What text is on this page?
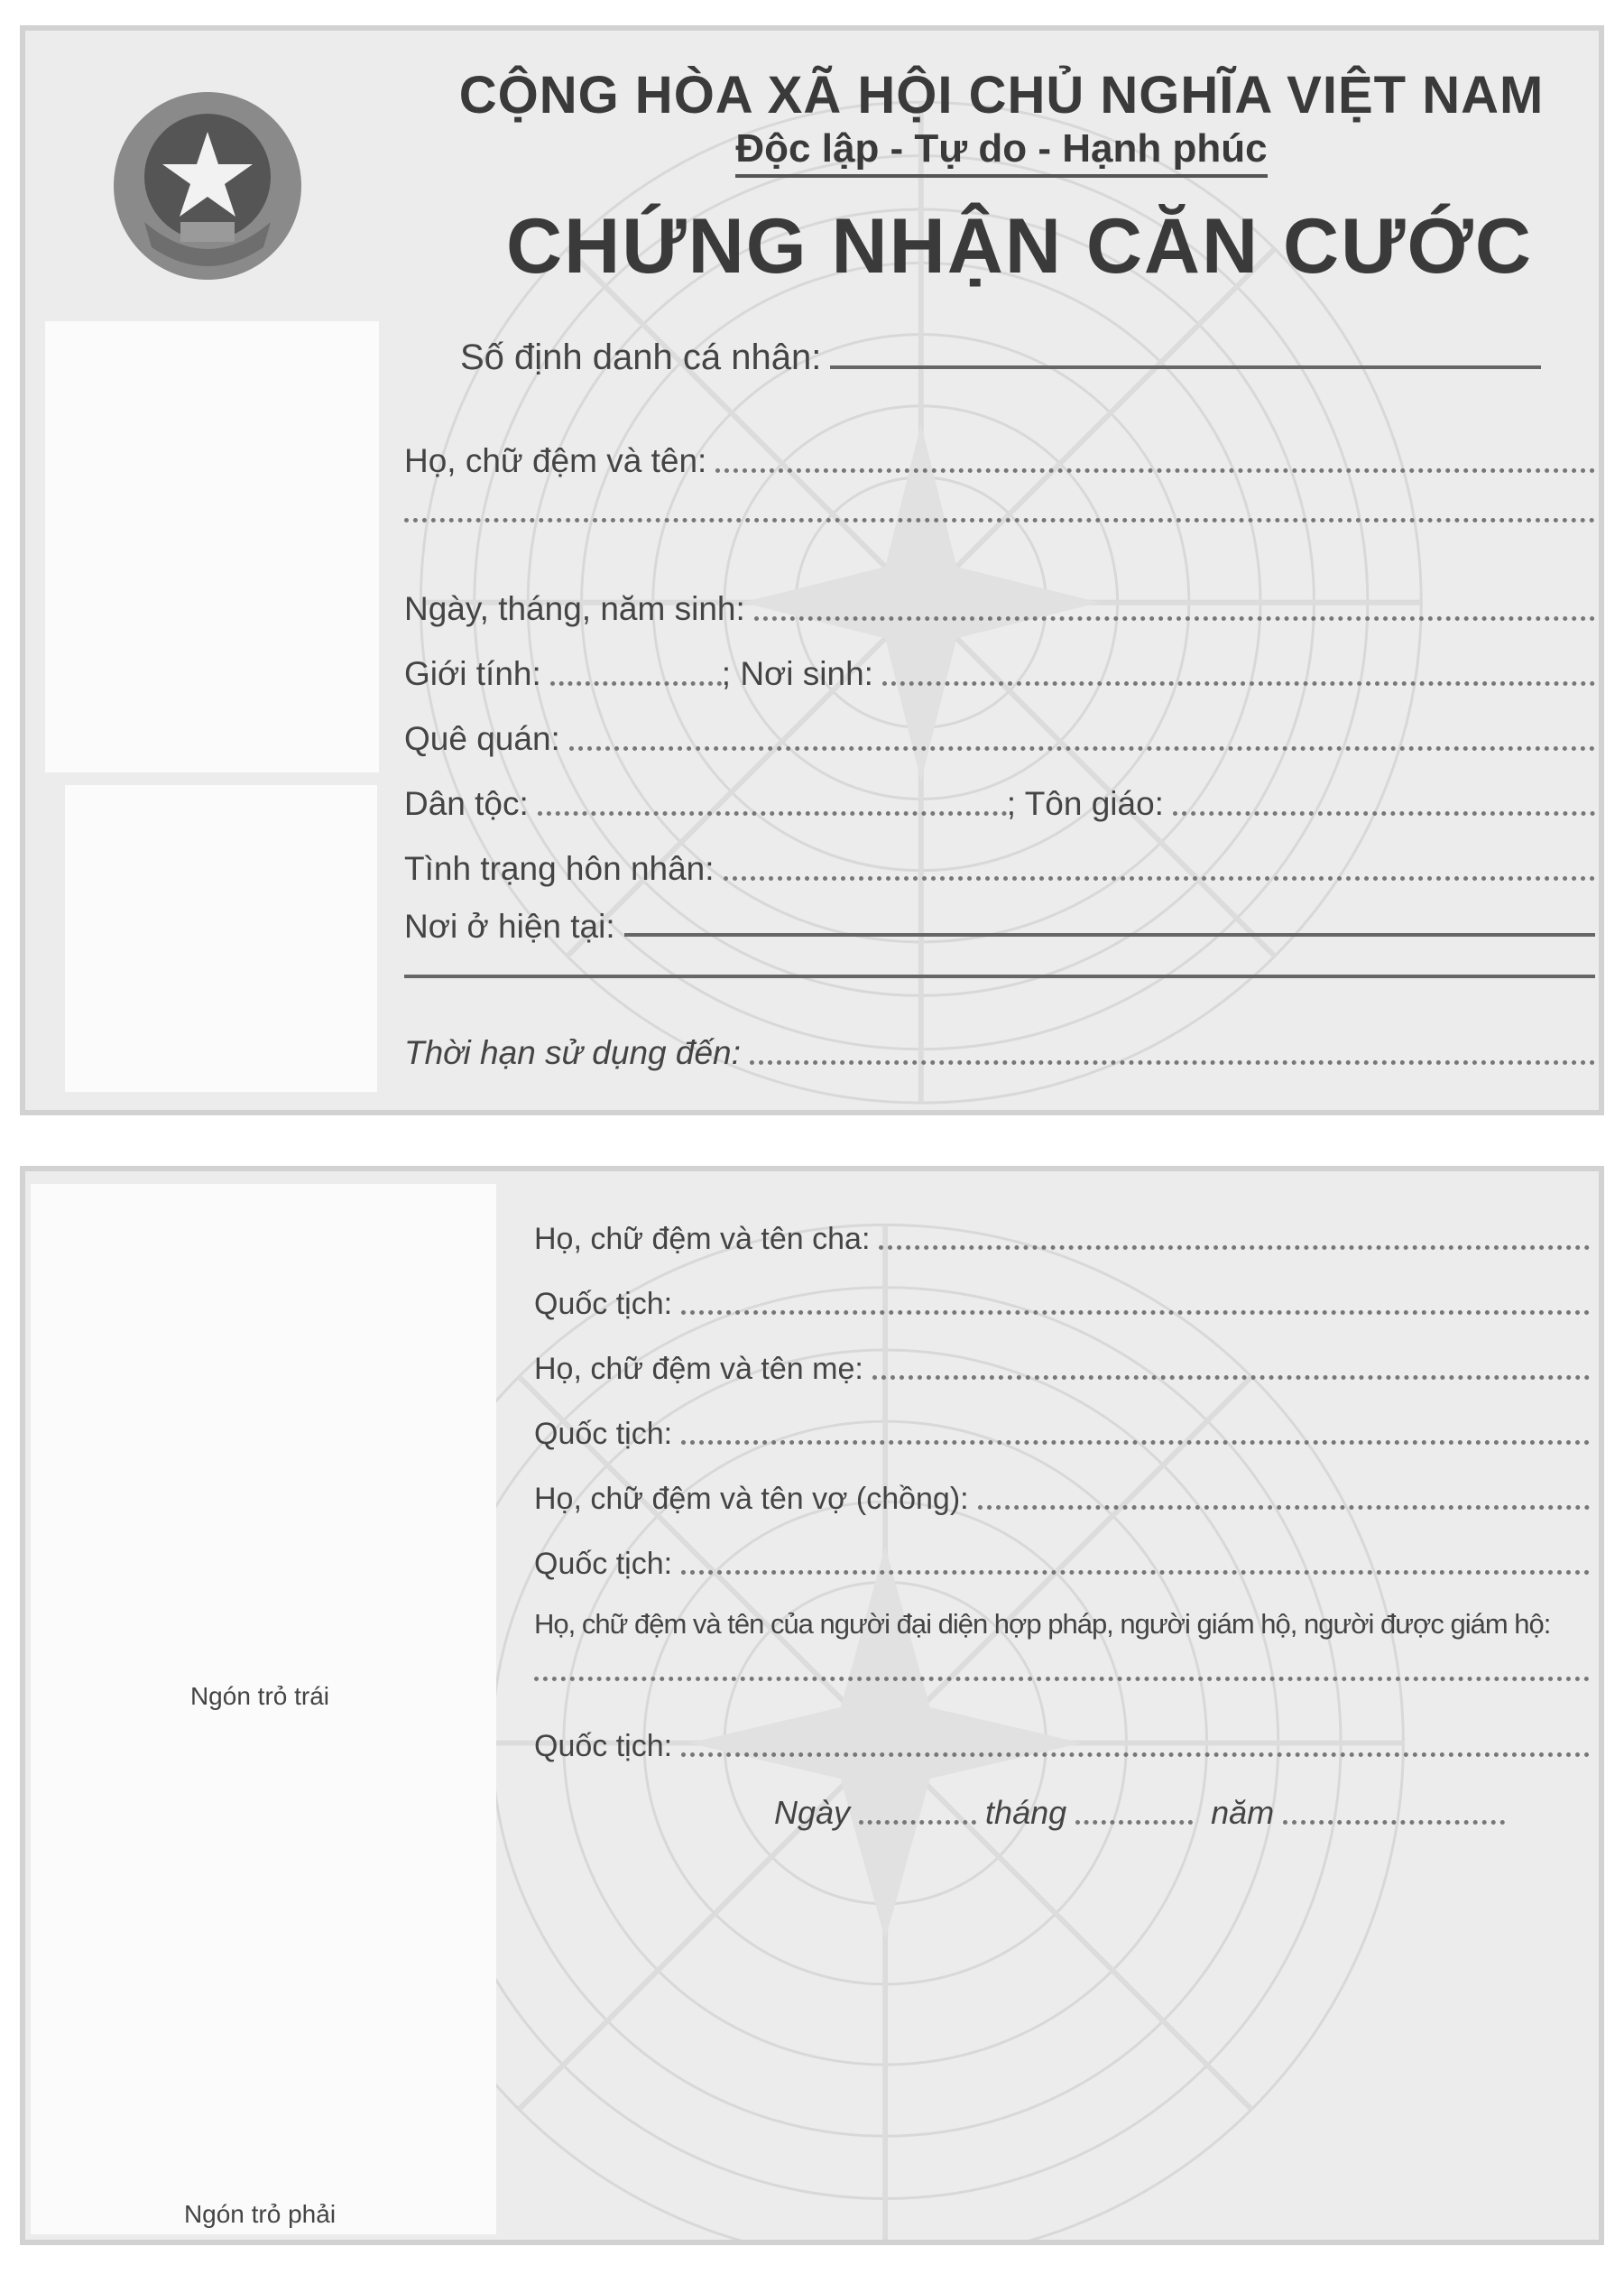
CỘNG HÒA XÃ HỘI CHỦ NGHĨA VIỆT NAM
Độc lập - Tự do - Hạnh phúc
CHỨNG NHẬN CĂN CƯỚC
Số định danh cá nhân:
Họ, chữ đệm và tên:
Ngày, tháng, năm sinh:
Giới tính:	; Nơi sinh:
Quê quán:
Dân tộc:	; Tôn giáo:
Tình trạng hôn nhân:
Nơi ở hiện tại:
Thời hạn sử dụng đến:
Ngón trỏ trái
Ngón trỏ phải
Họ, chữ đệm và tên cha:
Quốc tịch:
Họ, chữ đệm và tên mẹ:
Quốc tịch:
Họ, chữ đệm và tên vợ (chồng):
Quốc tịch:
Họ, chữ đệm và tên của người đại diện hợp pháp, người giám hộ, người được giám hộ:
Quốc tịch:
Ngày	tháng	năm
